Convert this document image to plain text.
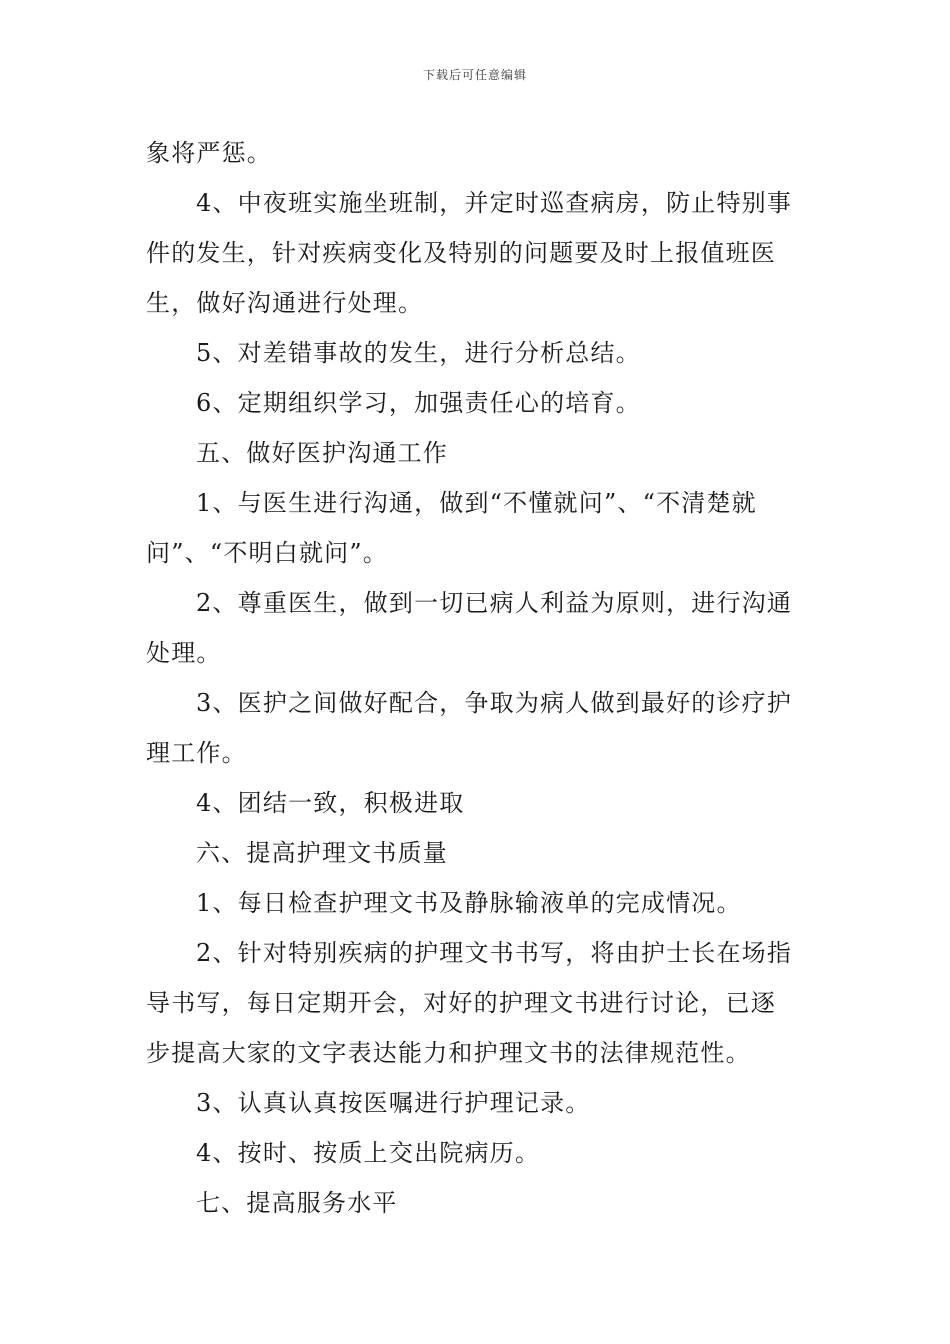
下载后可任意编辑
象将严惩。
4、中夜班实施坐班制，并定时巡查病房，防止特别事
件的发生，针对疾病变化及特别的问题要及时上报值班医
生，做好沟通进行处理。
5、对差错事故的发生，进行分析总结。
6、定期组织学习，加强责任心的培育。
五、做好医护沟通工作
1、与医生进行沟通，做到“不懂就问”、“不清楚就
问”、“不明白就问”。
2、尊重医生，做到一切已病人利益为原则，进行沟通
处理。
3、医护之间做好配合，争取为病人做到最好的诊疗护
理工作。
4、团结一致，积极进取
六、提高护理文书质量
1、每日检查护理文书及静脉输液单的完成情况。
2、针对特别疾病的护理文书书写，将由护士长在场指
导书写，每日定期开会，对好的护理文书进行讨论，已逐
步提高大家的文字表达能力和护理文书的法律规范性。
3、认真认真按医嘱进行护理记录。
4、按时、按质上交出院病历。
七、提高服务水平
